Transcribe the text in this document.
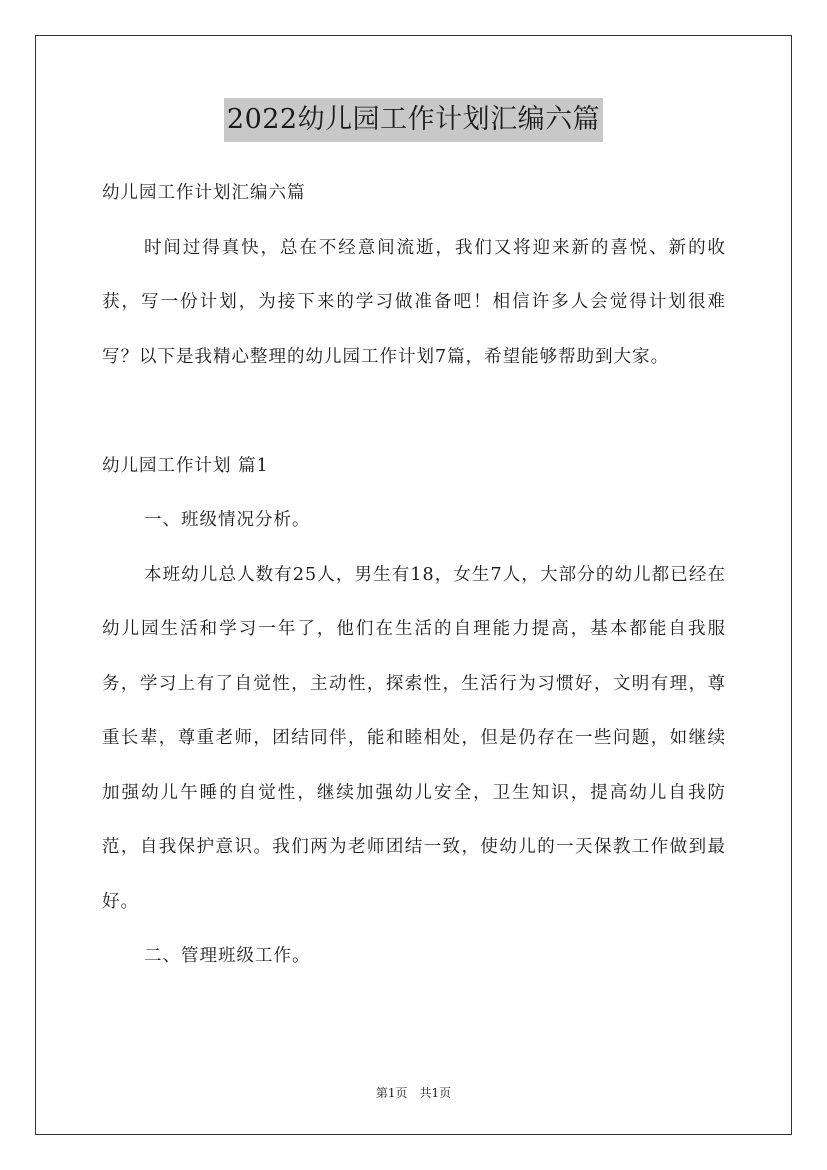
2022幼儿园工作计划汇编六篇

幼儿园工作计划汇编六篇

时间过得真快，总在不经意间流逝，我们又将迎来新的喜悦、新的收获，写一份计划，为接下来的学习做准备吧！相信许多人会觉得计划很难写？以下是我精心整理的幼儿园工作计划7篇，希望能够帮助到大家。

幼儿园工作计划 篇1

一、班级情况分析。

本班幼儿总人数有25人，男生有18，女生7人，大部分的幼儿都已经在幼儿园生活和学习一年了，他们在生活的自理能力提高，基本都能自我服务，学习上有了自觉性，主动性，探索性，生活行为习惯好，文明有理，尊重长辈，尊重老师，团结同伴，能和睦相处，但是仍存在一些问题，如继续加强幼儿午睡的自觉性，继续加强幼儿安全，卫生知识，提高幼儿自我防范，自我保护意识。我们两为老师团结一致，使幼儿的一天保教工作做到最好。

二、管理班级工作。

第1页　共1页
